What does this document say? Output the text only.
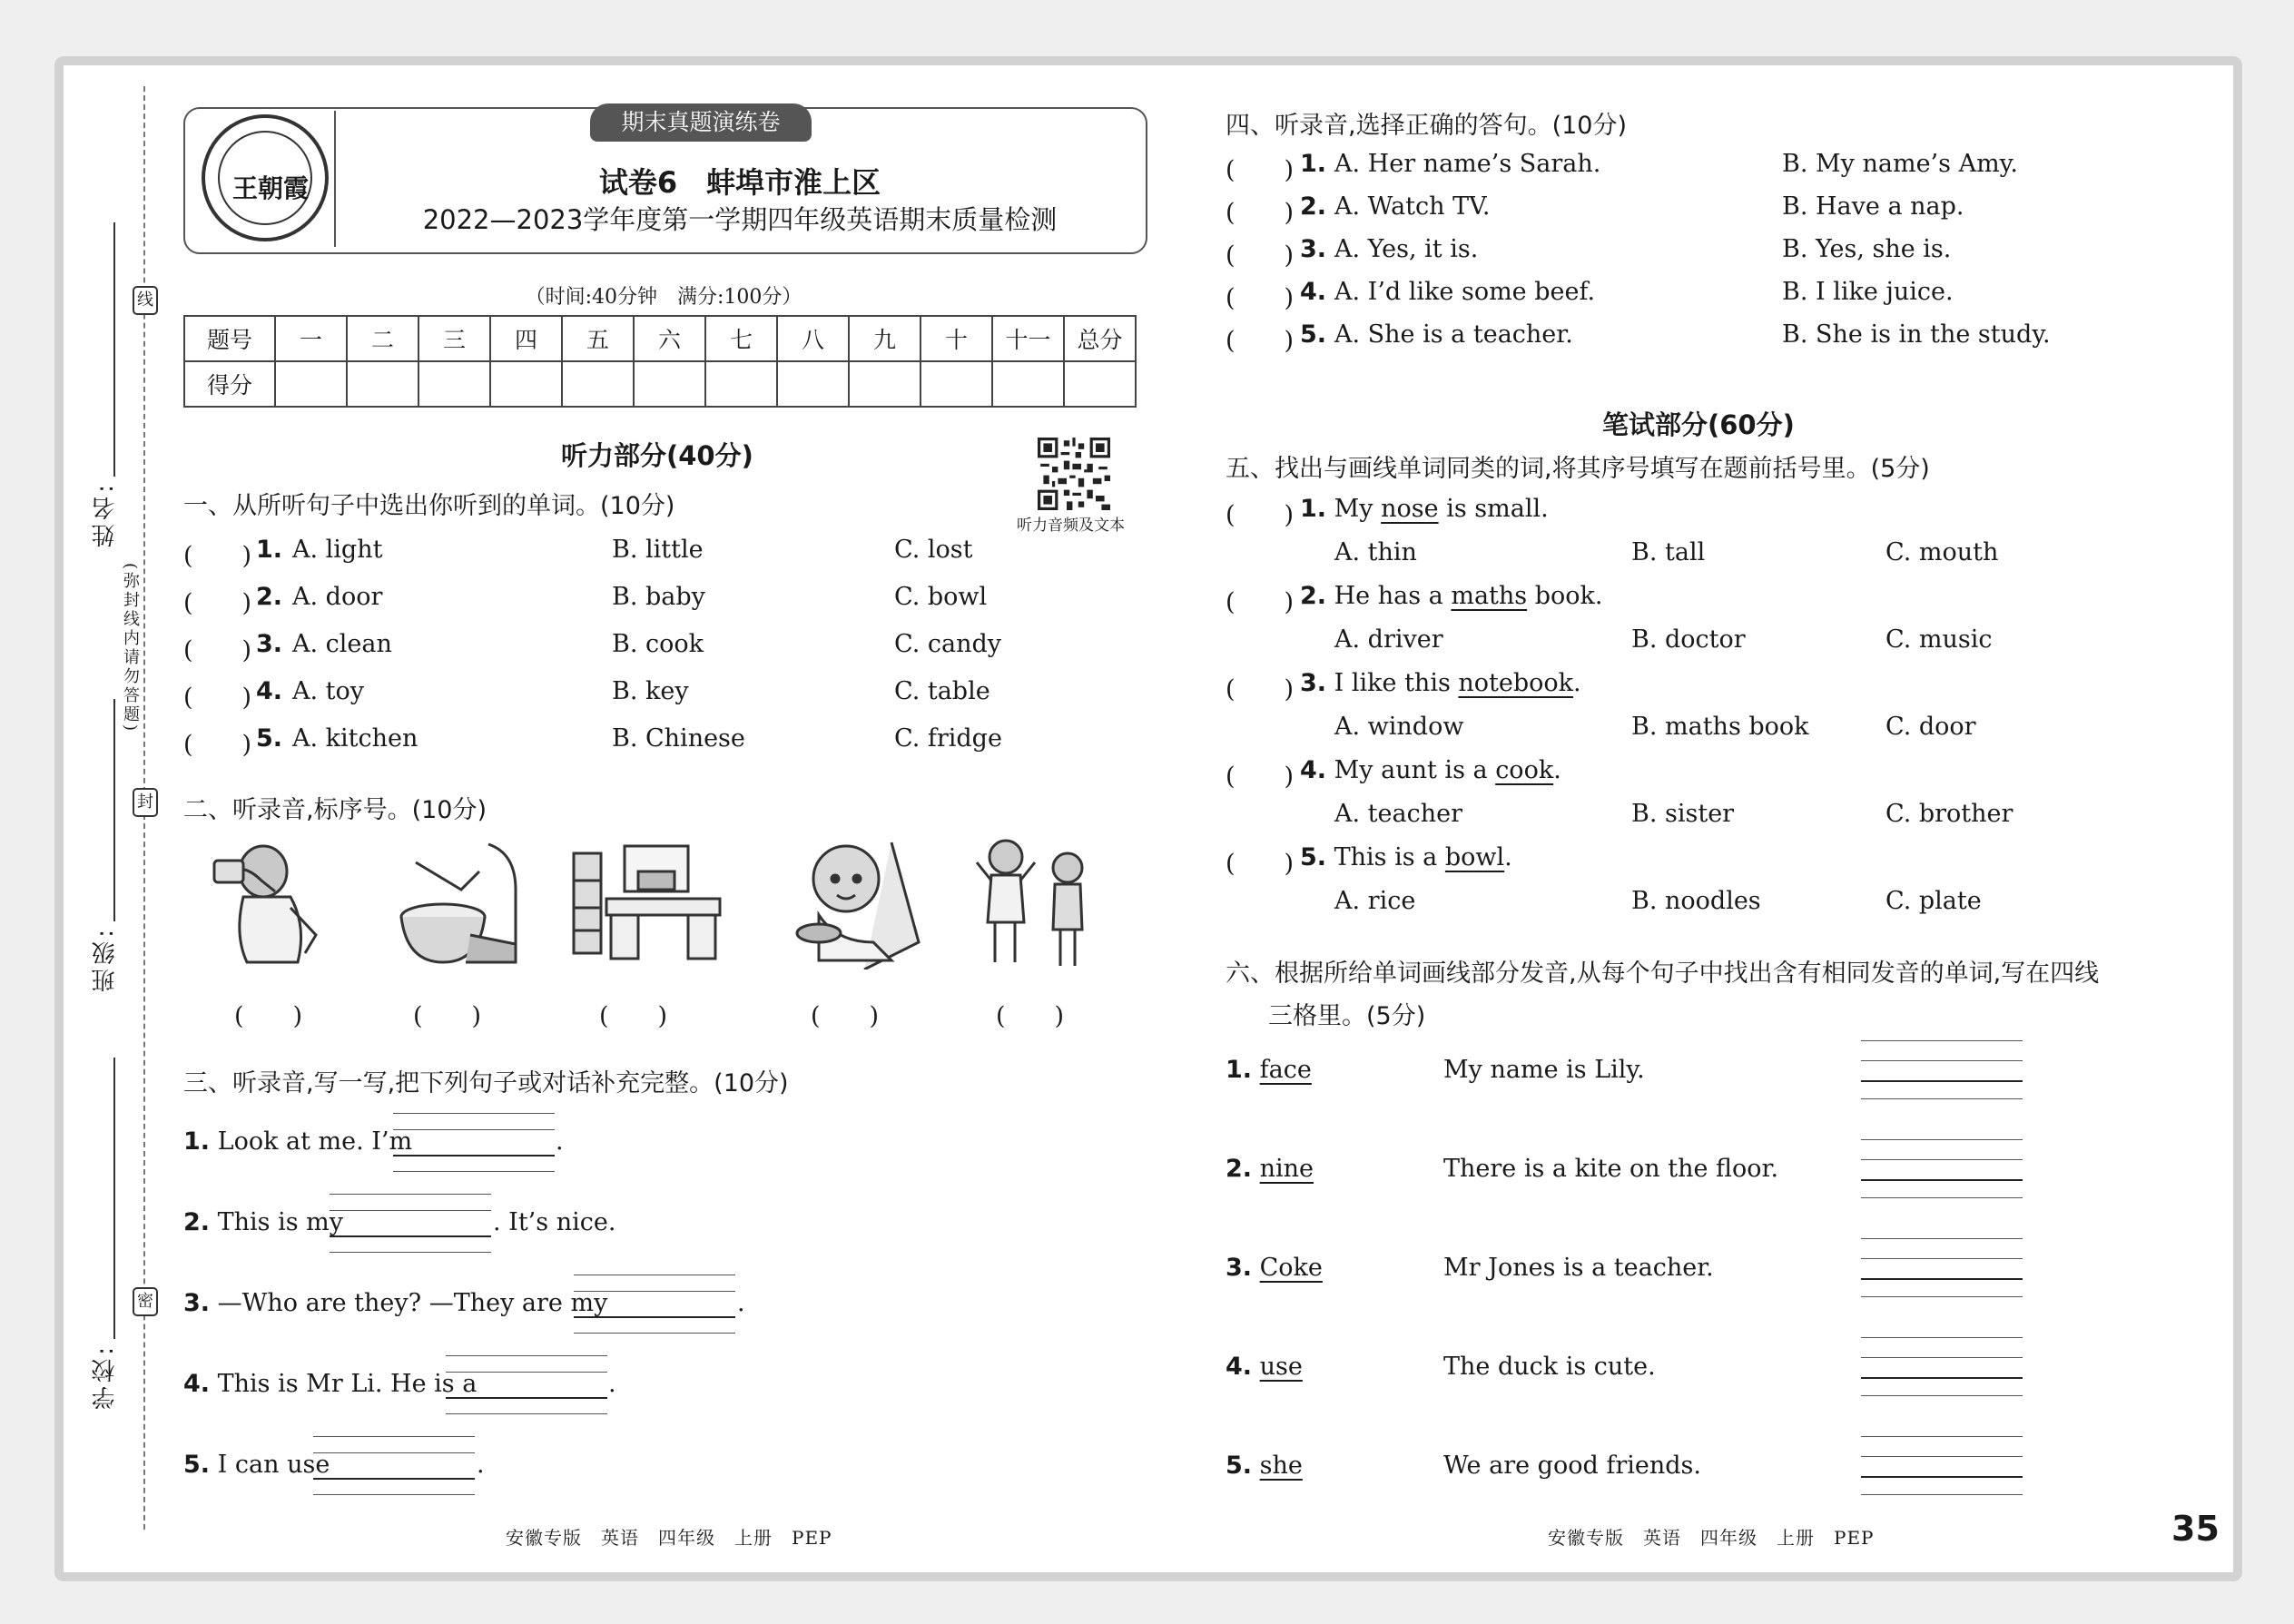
线
封
密
(弥封线内请勿答题)
姓名:
班级:
学校:
期末真题演练卷
王朝霞	试卷6　蚌埠市淮上区
2022—2023学年度第一学期四年级英语期末质量检测
（时间:40分钟　满分:100分）
题号	一	二	三	四	五	六	七	八	九	十	十一	总分
得分												
听力部分(40分)
听力音频及文本
一、从所听句子中选出你听到的单词。(10分)
(　　) 1. A. light	B. little	C. lost
(　　) 2. A. door	B. baby	C. bowl
(　　) 3. A. clean	B. cook	C. candy
(　　) 4. A. toy	B. key	C. table
(　　) 5. A. kitchen	B. Chinese	C. fridge
二、听录音,标序号。(10分)
(　　)	(　　)	(　　)	(　　)	(　　)
三、听录音,写一写,把下列句子或对话补充完整。(10分)
1. Look at me. I’m	.
2. This is my	. It’s nice.
3. —Who are they? —They are my	.
4. This is Mr Li. He is a	.
5. I can use	.
安徽专版　英语　四年级　上册　PEP
四、听录音,选择正确的答句。(10分)
(　　) 1. A. Her name’s Sarah.	B. My name’s Amy.
(　　) 2. A. Watch TV.	B. Have a nap.
(　　) 3. A. Yes, it is.	B. Yes, she is.
(　　) 4. A. I’d like some beef.	B. I like juice.
(　　) 5. A. She is a teacher.	B. She is in the study.
笔试部分(60分)
五、找出与画线单词同类的词,将其序号填写在题前括号里。(5分)
(　　) 1. My nose is small.
A. thin	B. tall	C. mouth
(　　) 2. He has a maths book.
A. driver	B. doctor	C. music
(　　) 3. I like this notebook.
A. window	B. maths book	C. door
(　　) 4. My aunt is a cook.
A. teacher	B. sister	C. brother
(　　) 5. This is a bowl.
A. rice	B. noodles	C. plate
六、根据所给单词画线部分发音,从每个句子中找出含有相同发音的单词,写在四线
三格里。(5分)
1. face	My name is Lily.
2. nine	There is a kite on the floor.
3. Coke	Mr Jones is a teacher.
4. use	The duck is cute.
5. she	We are good friends.
安徽专版　英语　四年级　上册　PEP	35
